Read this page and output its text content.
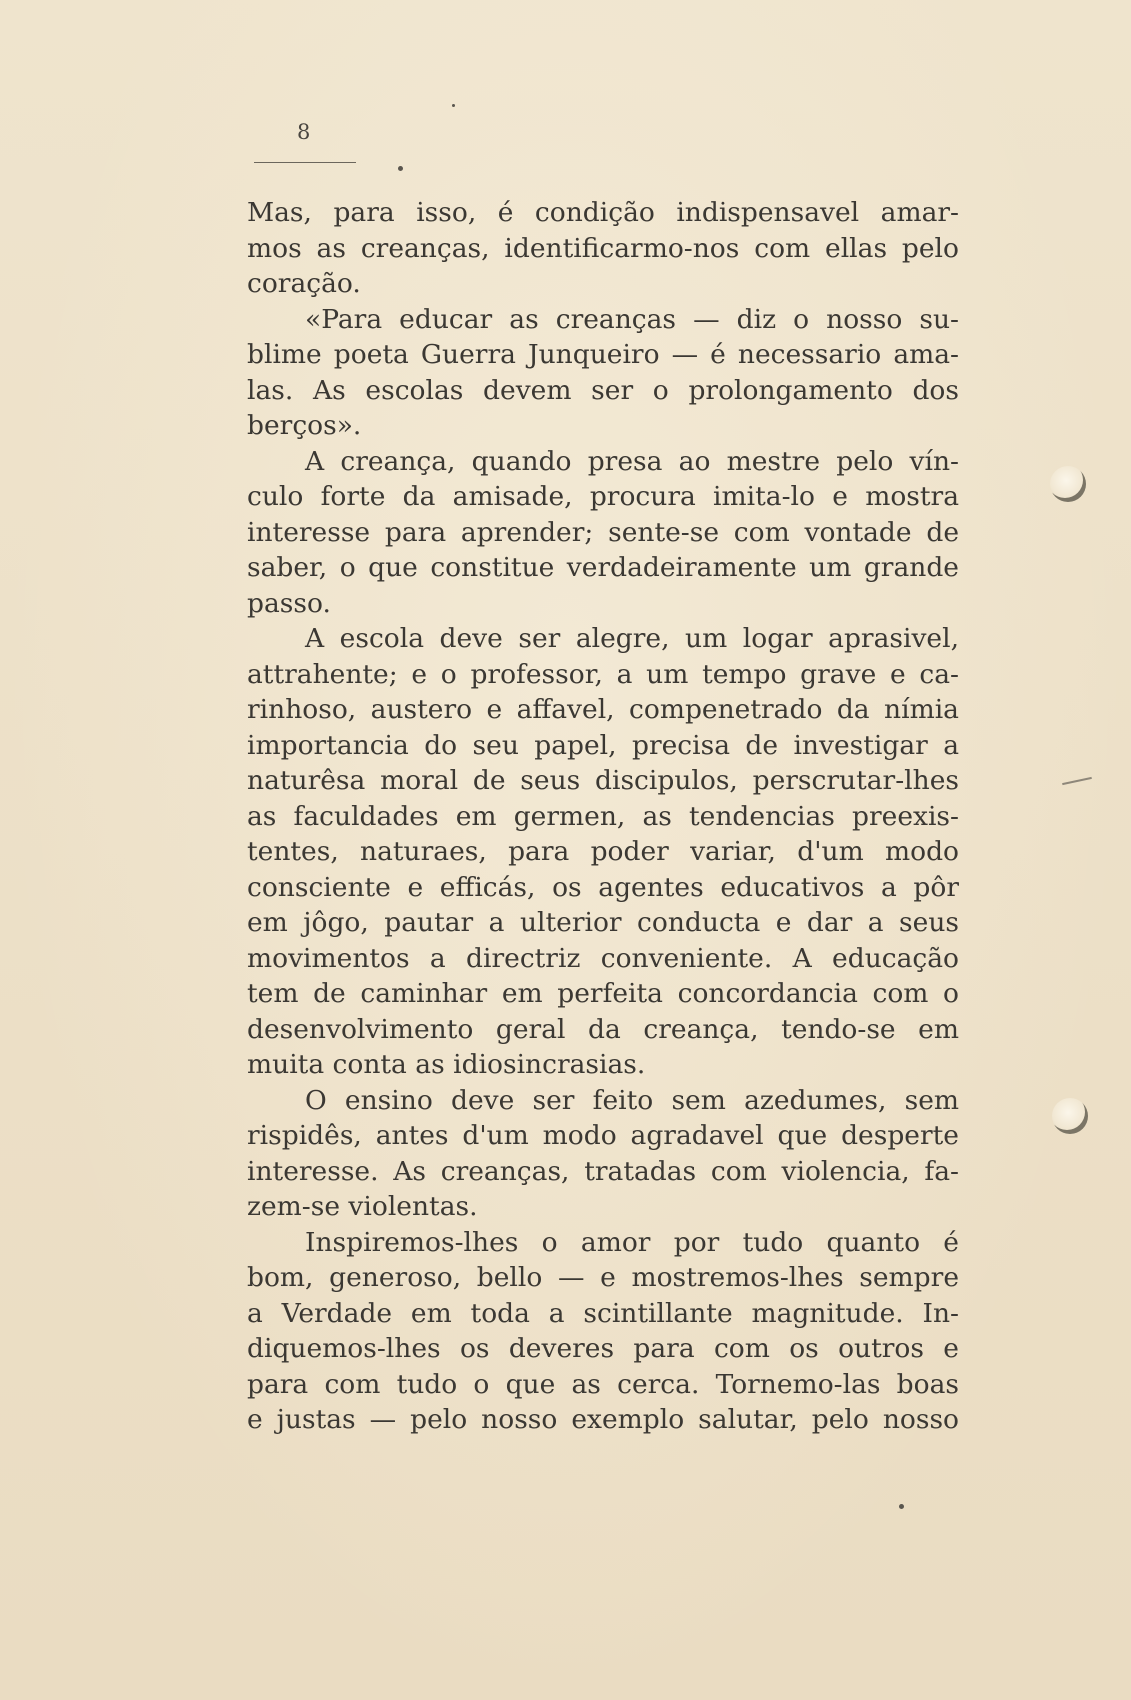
8
Mas, para isso, é condição indispensavel amar-
mos as creanças, identificarmo-nos com ellas pelo
coração.
«Para educar as creanças — diz o nosso su-
blime poeta Guerra Junqueiro — é necessario ama-
las. As escolas devem ser o prolongamento dos
berços».
A creança, quando presa ao mestre pelo vín-
culo forte da amisade, procura imita-lo e mostra
interesse para aprender; sente-se com vontade de
saber, o que constitue verdadeiramente um grande
passo.
A escola deve ser alegre, um logar aprasivel,
attrahente; e o professor, a um tempo grave e ca-
rinhoso, austero e affavel, compenetrado da nímia
importancia do seu papel, precisa de investigar a
naturêsa moral de seus discipulos, perscrutar-lhes
as faculdades em germen, as tendencias preexis-
tentes, naturaes, para poder variar, d'um modo
consciente e efficás, os agentes educativos a pôr
em jôgo, pautar a ulterior conducta e dar a seus
movimentos a directriz conveniente. A educação
tem de caminhar em perfeita concordancia com o
desenvolvimento geral da creança, tendo-se em
muita conta as idiosincrasias.
O ensino deve ser feito sem azedumes, sem
rispidês, antes d'um modo agradavel que desperte
interesse. As creanças, tratadas com violencia, fa-
zem-se violentas.
Inspiremos-lhes o amor por tudo quanto é
bom, generoso, bello — e mostremos-lhes sempre
a Verdade em toda a scintillante magnitude. In-
diquemos-lhes os deveres para com os outros e
para com tudo o que as cerca. Tornemo-las boas
e justas — pelo nosso exemplo salutar, pelo nosso
